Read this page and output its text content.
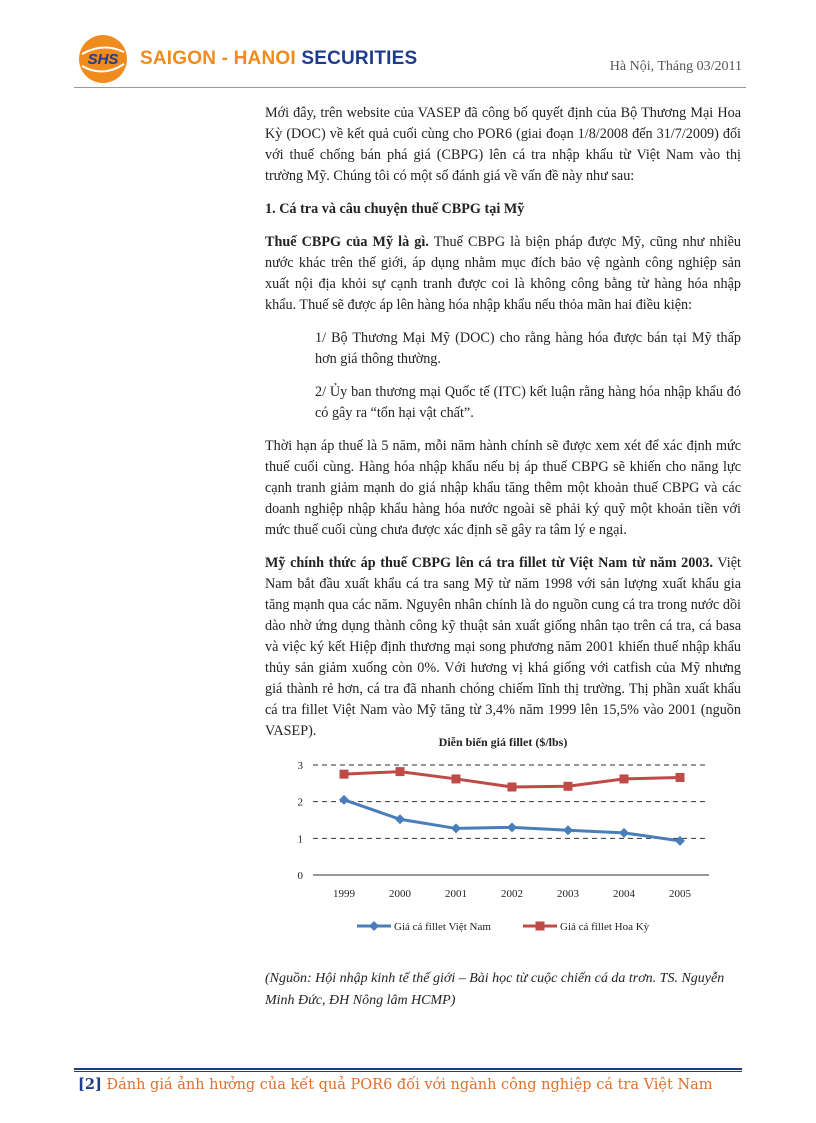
SHS SAIGON - HANOI SECURITIES	Hà Nội, Tháng 03/2011

Mới đây, trên website của VASEP đã công bố quyết định của Bộ Thương Mại Hoa Kỳ (DOC) về kết quả cuối cùng cho POR6 (giai đoạn 1/8/2008 đến 31/7/2009) đối với thuế chống bán phá giá (CBPG) lên cá tra nhập khẩu từ Việt Nam vào thị trường Mỹ. Chúng tôi có một số đánh giá về vấn đề này như sau:

1. Cá tra và câu chuyện thuế CBPG tại Mỹ

Thuế CBPG của Mỹ là gì. Thuế CBPG là biện pháp được Mỹ, cũng như nhiều nước khác trên thế giới, áp dụng nhằm mục đích bảo vệ ngành công nghiệp sản xuất nội địa khỏi sự cạnh tranh được coi là không công bằng từ hàng hóa nhập khẩu. Thuế sẽ được áp lên hàng hóa nhập khẩu nếu thỏa mãn hai điều kiện:

1/ Bộ Thương Mại Mỹ (DOC) cho rằng hàng hóa được bán tại Mỹ thấp hơn giá thông thường.

2/ Ủy ban thương mại Quốc tế (ITC) kết luận rằng hàng hóa nhập khẩu đó có gây ra “tổn hại vật chất”.

Thời hạn áp thuế là 5 năm, mỗi năm hành chính sẽ được xem xét để xác định mức thuế cuối cùng. Hàng hóa nhập khẩu nếu bị áp thuế CBPG sẽ khiến cho năng lực cạnh tranh giảm mạnh do giá nhập khẩu tăng thêm một khoản thuế CBPG và các doanh nghiệp nhập khẩu hàng hóa nước ngoài sẽ phải ký quỹ một khoản tiền với mức thuế cuối cùng chưa được xác định sẽ gây ra tâm lý e ngại.

Mỹ chính thức áp thuế CBPG lên cá tra fillet từ Việt Nam từ năm 2003. Việt Nam bắt đầu xuất khẩu cá tra sang Mỹ từ năm 1998 với sản lượng xuất khẩu gia tăng mạnh qua các năm. Nguyên nhân chính là do nguồn cung cá tra trong nước dồi dào nhờ ứng dụng thành công kỹ thuật sản xuất giống nhân tạo trên cá tra, cá basa và việc ký kết Hiệp định thương mại song phương năm 2001 khiến thuế nhập khẩu thủy sản giảm xuống còn 0%. Với hương vị khá giống với catfish của Mỹ nhưng giá thành rẻ hơn, cá tra đã nhanh chóng chiếm lĩnh thị trường. Thị phần xuất khẩu cá tra fillet Việt Nam vào Mỹ tăng từ 3,4% năm 1999 lên 15,5% vào 2001 (nguồn VASEP).

Diễn biến giá fillet ($/lbs)
0
1
2
3
1999	2000	2001	2002	2003	2004	2005
Giá cá fillet Việt Nam	Giá cá fillet Hoa Kỳ
(Nguồn: Hội nhập kinh tế thế giới – Bài học từ cuộc chiến cá da trơn. TS. Nguyễn Minh Đức, ĐH Nông lâm HCMP)
[2] Đánh giá ảnh hưởng của kết quả POR6 đối với ngành công nghiệp cá tra Việt Nam
